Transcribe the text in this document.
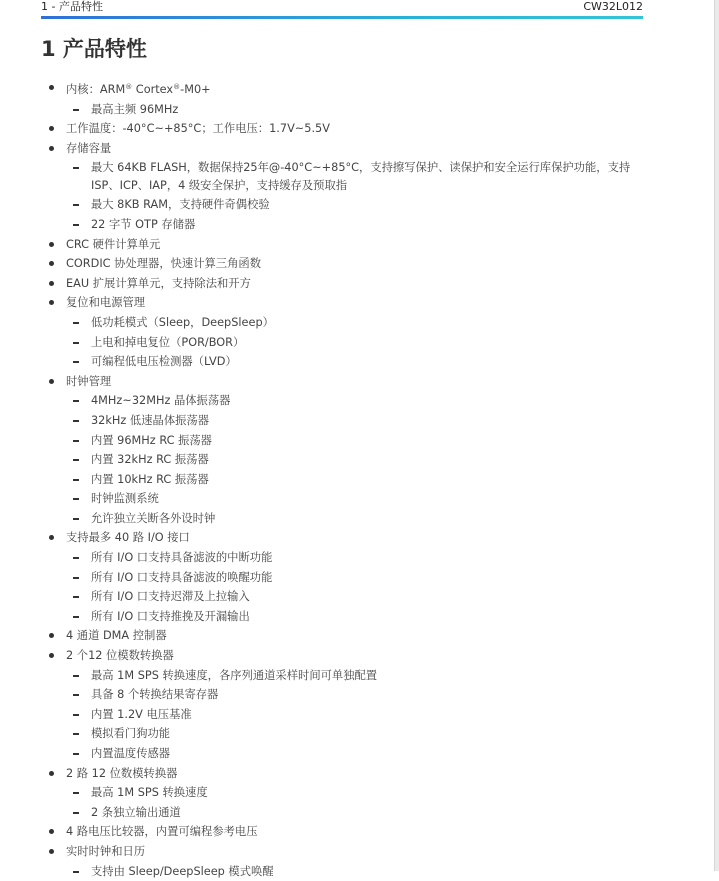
1 - 产品特性	CW32L012
1 产品特性
内核：ARM® Cortex®-M0+
最高主频 96MHz
工作温度：-40°C~+85°C；工作电压：1.7V~5.5V
存储容量
最大 64KB FLASH，数据保持25年@-40°C~+85°C，支持擦写保护、读保护和安全运行库保护功能，支持 ISP、ICP、IAP，4 级安全保护，支持缓存及预取指
最大 8KB RAM，支持硬件奇偶校验
22 字节 OTP 存储器
CRC 硬件计算单元
CORDIC 协处理器，快速计算三角函数
EAU 扩展计算单元，支持除法和开方
复位和电源管理
低功耗模式（Sleep，DeepSleep）
上电和掉电复位（POR/BOR）
可编程低电压检测器（LVD）
时钟管理
4MHz~32MHz 晶体振荡器
32kHz 低速晶体振荡器
内置 96MHz RC 振荡器
内置 32kHz RC 振荡器
内置 10kHz RC 振荡器
时钟监测系统
允许独立关断各外设时钟
支持最多 40 路 I/O 接口
所有 I/O 口支持具备滤波的中断功能
所有 I/O 口支持具备滤波的唤醒功能
所有 I/O 口支持迟滞及上拉输入
所有 I/O 口支持推挽及开漏输出
4 通道 DMA 控制器
2 个12 位模数转换器
最高 1M SPS 转换速度，各序列通道采样时间可单独配置
具备 8 个转换结果寄存器
内置 1.2V 电压基准
模拟看门狗功能
内置温度传感器
2 路 12 位数模转换器
最高 1M SPS 转换速度
2 条独立输出通道
4 路电压比较器，内置可编程参考电压
实时时钟和日历
支持由 Sleep/DeepSleep 模式唤醒
